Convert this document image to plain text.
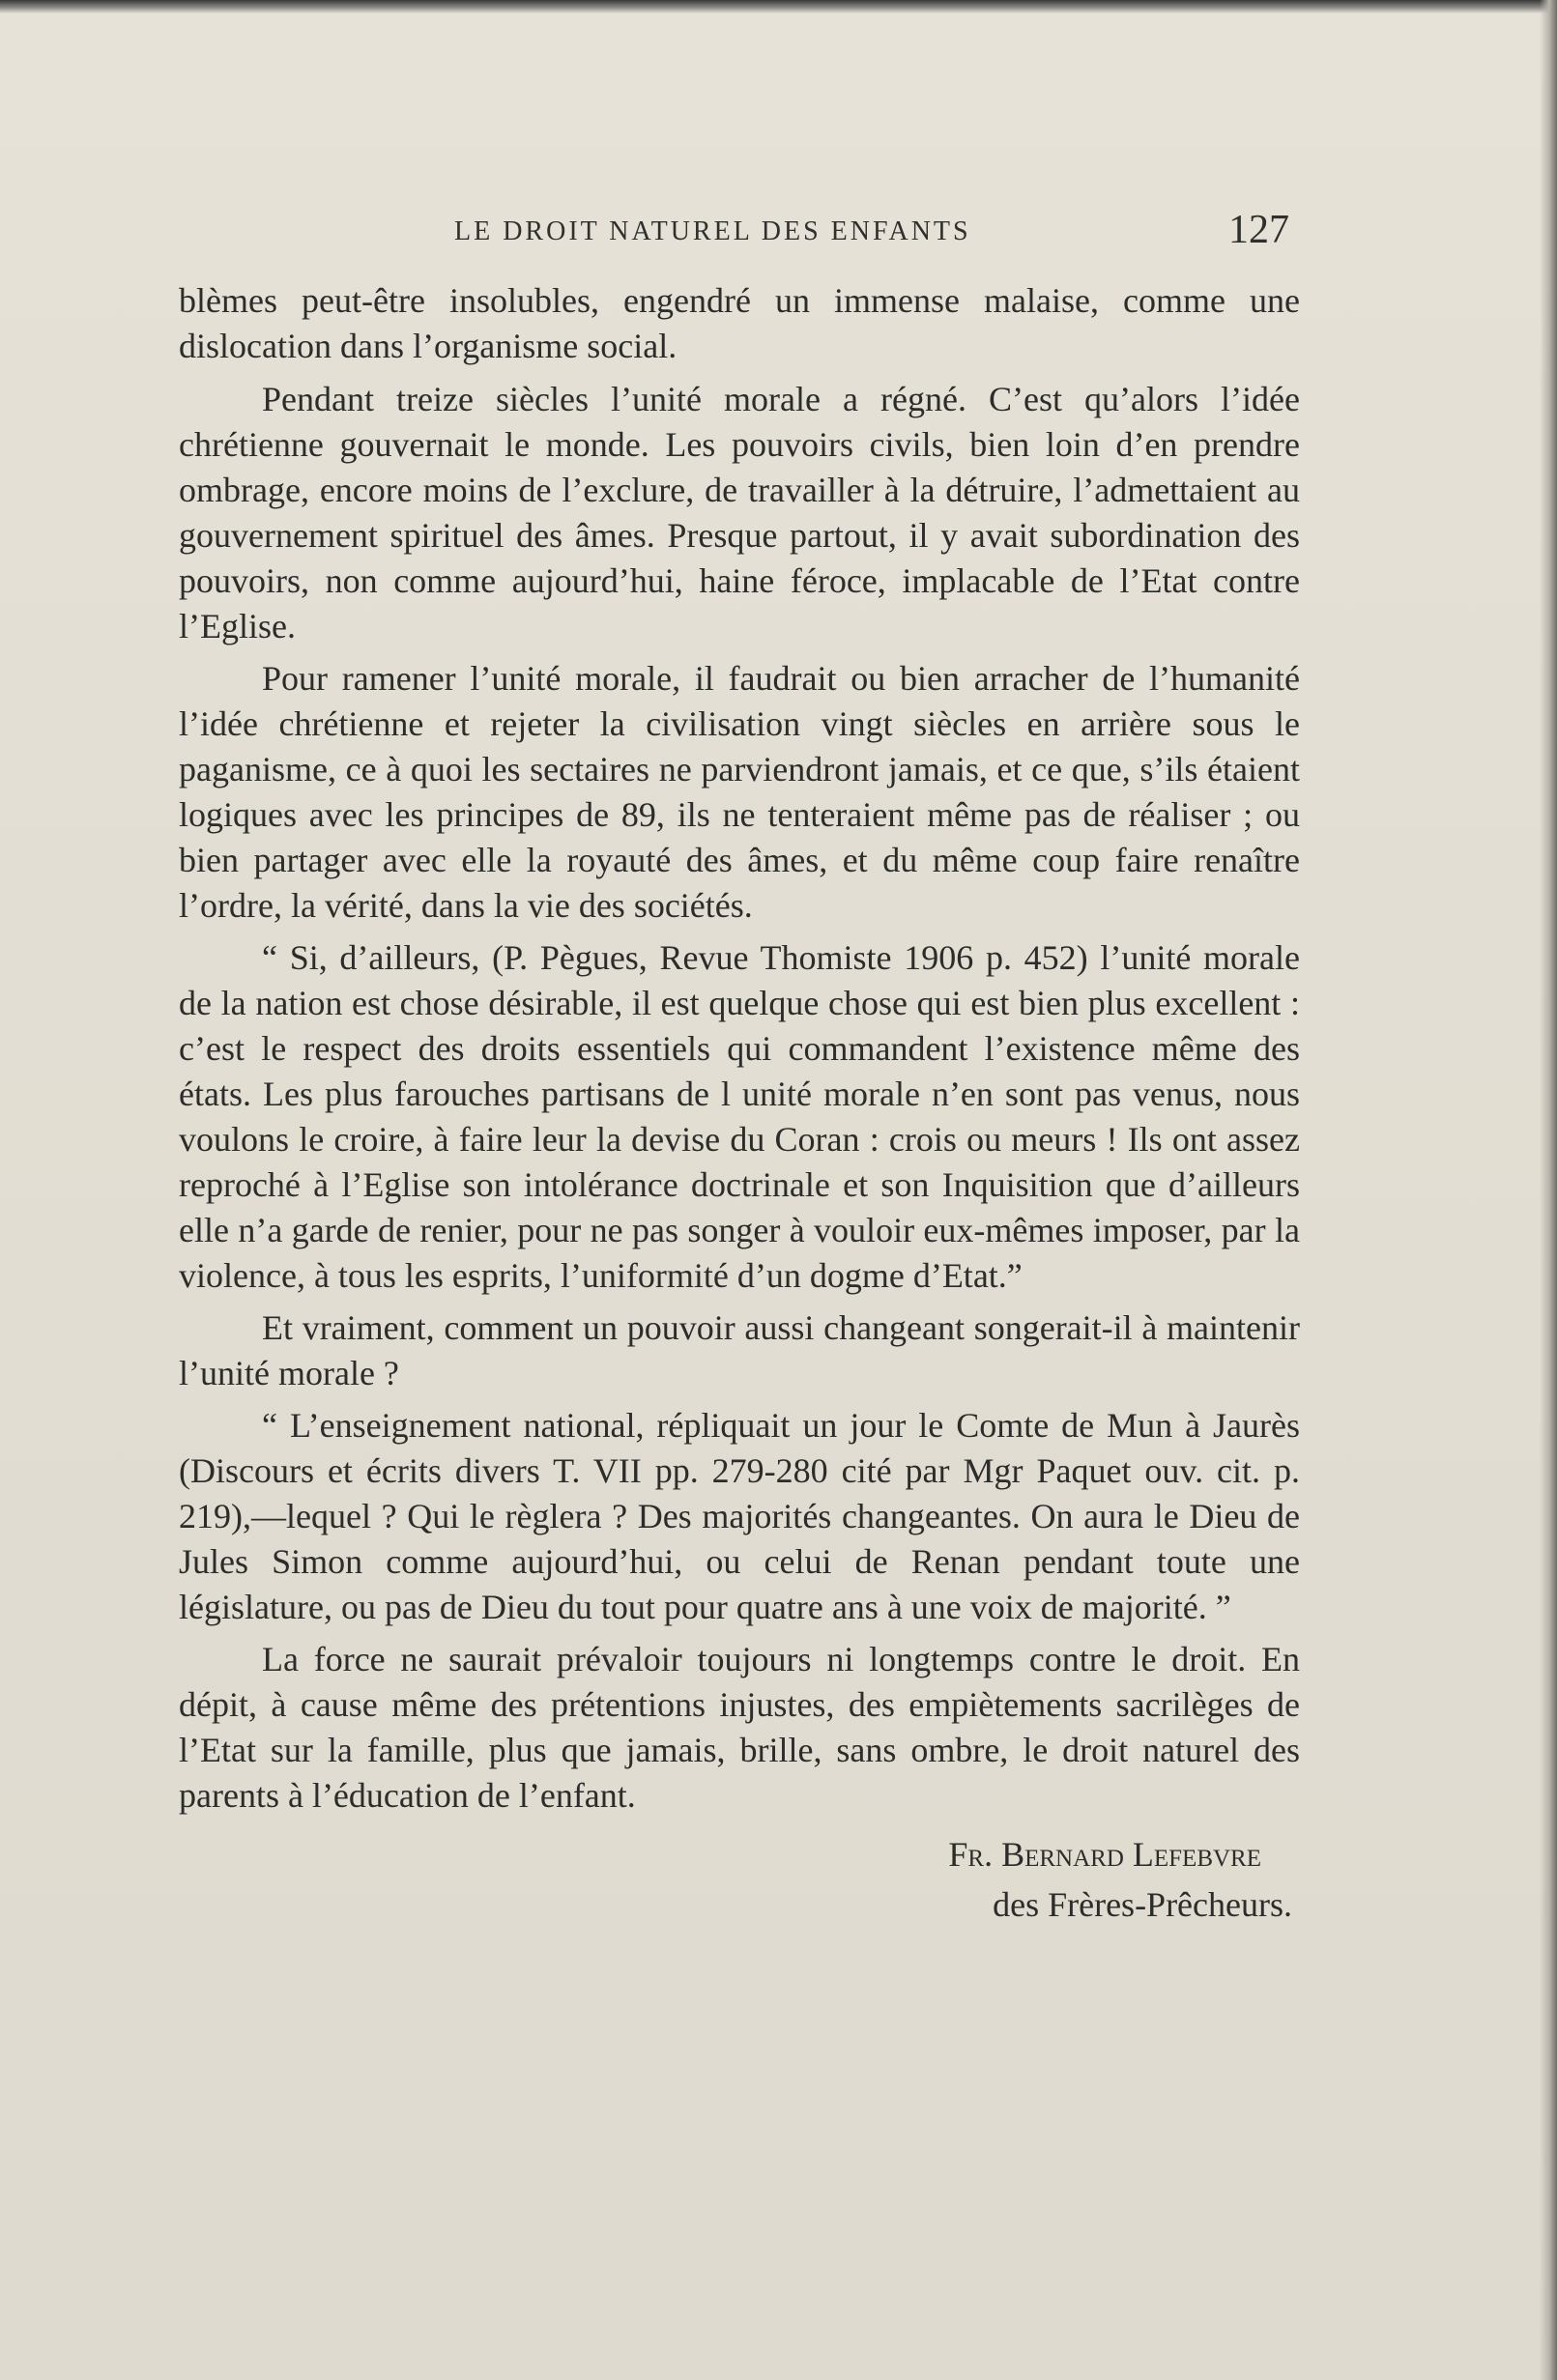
LE DROIT NATUREL DES ENFANTS	127

blèmes peut-être insolubles, engendré un immense malaise, comme une dislocation dans l’organisme social.

Pendant treize siècles l’unité morale a régné. C’est qu’alors l’idée chrétienne gouvernait le monde. Les pouvoirs civils, bien loin d’en prendre ombrage, encore moins de l’exclure, de travailler à la détruire, l’admettaient au gouvernement spirituel des âmes. Presque partout, il y avait subordination des pouvoirs, non comme aujourd’hui, haine féroce, implacable de l’Etat contre l’Eglise.

Pour ramener l’unité morale, il faudrait ou bien arracher de l’humanité l’idée chrétienne et rejeter la civilisation vingt siècles en arrière sous le paganisme, ce à quoi les sectaires ne parviendront jamais, et ce que, s’ils étaient logiques avec les principes de 89, ils ne tenteraient même pas de réaliser ; ou bien partager avec elle la royauté des âmes, et du même coup faire renaître l’ordre, la vérité, dans la vie des sociétés.

“ Si, d’ailleurs, (P. Pègues, Revue Thomiste 1906 p. 452) l’unité morale de la nation est chose désirable, il est quelque chose qui est bien plus excellent : c’est le respect des droits essentiels qui commandent l’existence même des états. Les plus farouches partisans de l unité morale n’en sont pas venus, nous voulons le croire, à faire leur la devise du Coran : crois ou meurs ! Ils ont assez reproché à l’Eglise son intolérance doctrinale et son Inquisition que d’ailleurs elle n’a garde de renier, pour ne pas songer à vouloir eux-mêmes imposer, par la violence, à tous les esprits, l’uniformité d’un dogme d’Etat.”

Et vraiment, comment un pouvoir aussi changeant songerait-il à maintenir l’unité morale ?

“ L’enseignement national, répliquait un jour le Comte de Mun à Jaurès (Discours et écrits divers T. VII pp. 279-280 cité par Mgr Paquet ouv. cit. p. 219),—lequel ? Qui le règlera ? Des majorités changeantes. On aura le Dieu de Jules Simon comme aujourd’hui, ou celui de Renan pendant toute une législature, ou pas de Dieu du tout pour quatre ans à une voix de majorité. ”

La force ne saurait prévaloir toujours ni longtemps contre le droit. En dépit, à cause même des prétentions injustes, des empiètements sacrilèges de l’Etat sur la famille, plus que jamais, brille, sans ombre, le droit naturel des parents à l’éducation de l’enfant.

Fr. Bernard Lefebvre
des Frères-Prêcheurs.
